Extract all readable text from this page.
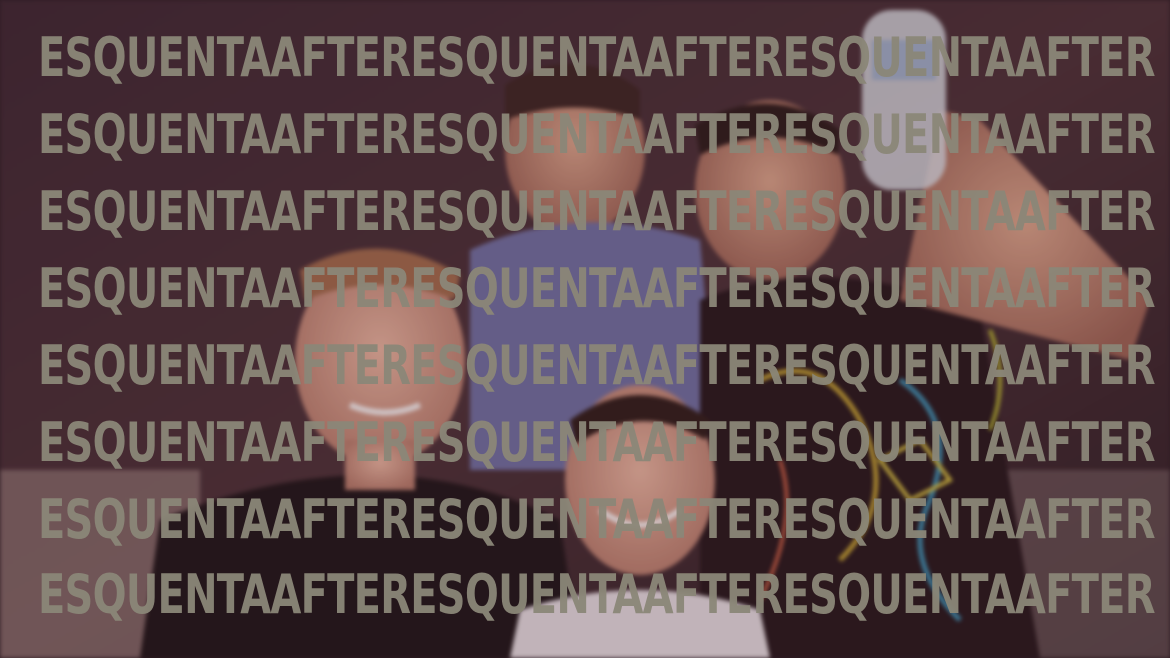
ESQUENTA AFTER ESQUENTA AFTER ESQUENTA AFTER
ESQUENTA AFTER ESQUENTA AFTER ESQUENTA AFTER
ESQUENTA AFTER ESQUENTA AFTER ESQUENTA AFTER
ESQUENTA AFTER ESQUENTA AFTER ESQUENTA AFTER
ESQUENTA AFTER ESQUENTA AFTER ESQUENTA AFTER
ESQUENTA AFTER ESQUENTA AFTER ESQUENTA AFTER
ESQUENTA AFTER ESQUENTA AFTER ESQUENTA AFTER
ESQUENTA AFTER ESQUENTA AFTER ESQUENTA AFTER
